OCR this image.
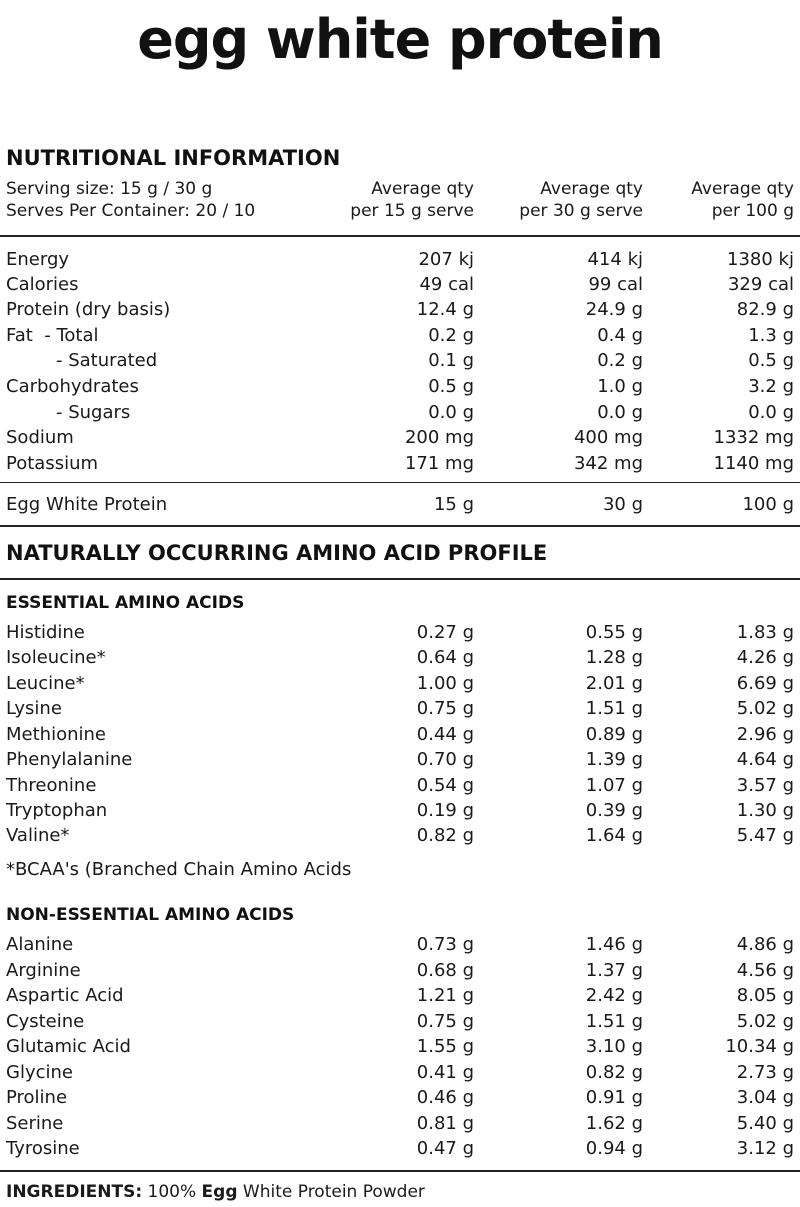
egg white protein
NUTRITIONAL INFORMATION
Serving size: 15 g / 30 g
Serves Per Container: 20 / 10
Average qty
per 15 g serve
Average qty
per 30 g serve
Average qty
per 100 g
Energy	207 kj	414 kj	1380 kj
Calories	49 cal	99 cal	329 cal
Protein (dry basis)	12.4 g	24.9 g	82.9 g
Fat  - Total	0.2 g	0.4 g	1.3 g
- Saturated	0.1 g	0.2 g	0.5 g
Carbohydrates	0.5 g	1.0 g	3.2 g
- Sugars	0.0 g	0.0 g	0.0 g
Sodium	200 mg	400 mg	1332 mg
Potassium	171 mg	342 mg	1140 mg
Egg White Protein	15 g	30 g	100 g
NATURALLY OCCURRING AMINO ACID PROFILE
ESSENTIAL AMINO ACIDS
Histidine	0.27 g	0.55 g	1.83 g
Isoleucine*	0.64 g	1.28 g	4.26 g
Leucine*	1.00 g	2.01 g	6.69 g
Lysine	0.75 g	1.51 g	5.02 g
Methionine	0.44 g	0.89 g	2.96 g
Phenylalanine	0.70 g	1.39 g	4.64 g
Threonine	0.54 g	1.07 g	3.57 g
Tryptophan	0.19 g	0.39 g	1.30 g
Valine*	0.82 g	1.64 g	5.47 g
*BCAA's (Branched Chain Amino Acids
NON-ESSENTIAL AMINO ACIDS
Alanine	0.73 g	1.46 g	4.86 g
Arginine	0.68 g	1.37 g	4.56 g
Aspartic Acid	1.21 g	2.42 g	8.05 g
Cysteine	0.75 g	1.51 g	5.02 g
Glutamic Acid	1.55 g	3.10 g	10.34 g
Glycine	0.41 g	0.82 g	2.73 g
Proline	0.46 g	0.91 g	3.04 g
Serine	0.81 g	1.62 g	5.40 g
Tyrosine	0.47 g	0.94 g	3.12 g
INGREDIENTS: 100% Egg White Protein Powder
